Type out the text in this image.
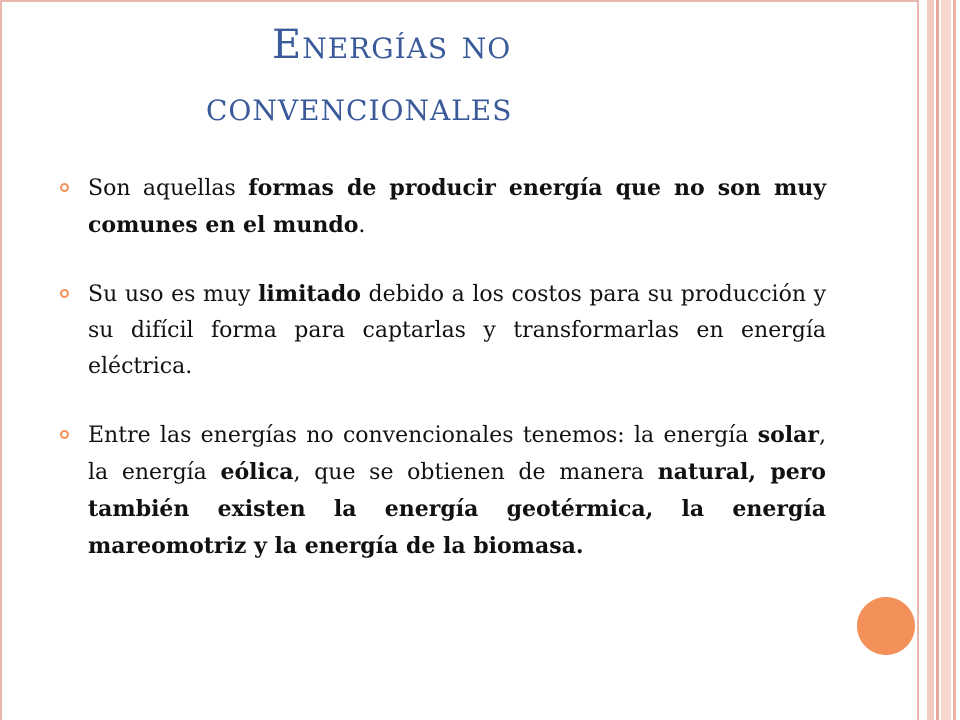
Energías no
convencionales
Son aquellas formas de producir energía que no son muy comunes en el mundo.
Su uso es muy limitado debido a los costos para su producción y su difícil forma para captarlas y transformarlas en energía eléctrica.
Entre las energías no convencionales tenemos: la energía solar, la energía eólica, que se obtienen de manera natural, pero también existen la energía geotérmica, la energía mareomotriz y la energía de la biomasa.
